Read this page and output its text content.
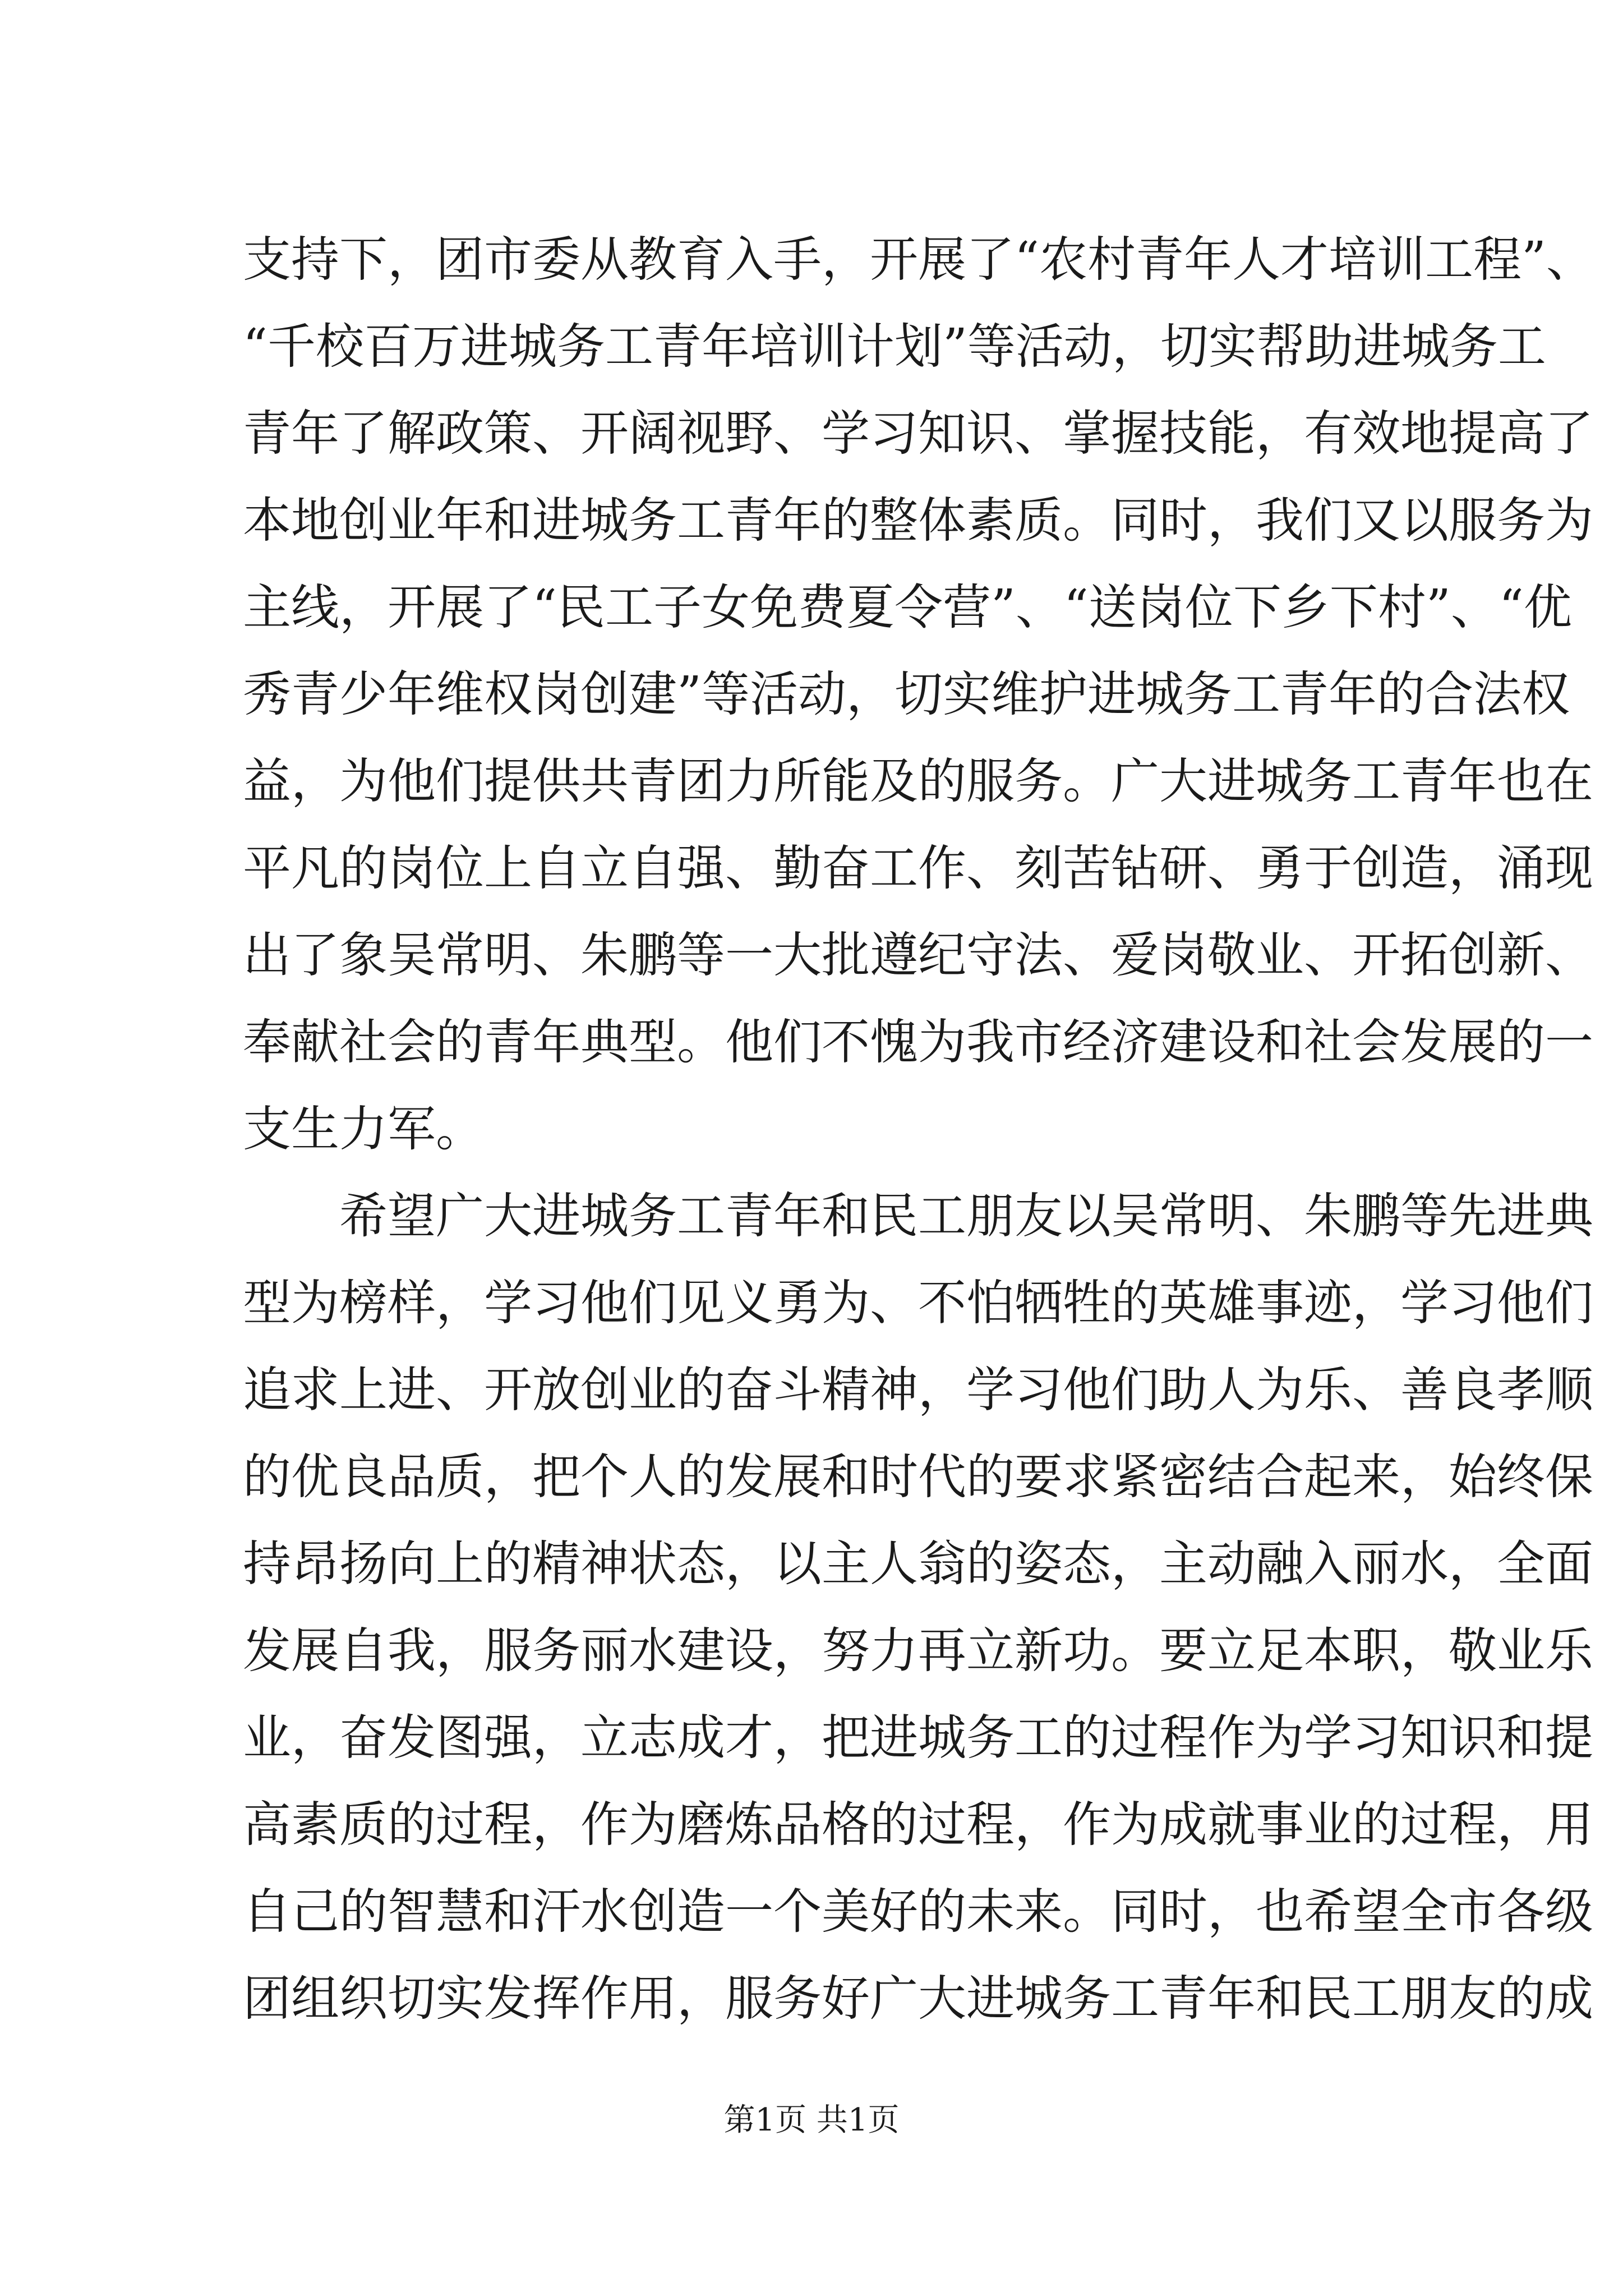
支持下，团市委从教育入手，开展了“农村青年人才培训工程”、
“千校百万进城务工青年培训计划”等活动，切实帮助进城务工
青年了解政策、开阔视野、学习知识、掌握技能，有效地提高了
本地创业年和进城务工青年的整体素质。同时，我们又以服务为
主线，开展了“民工子女免费夏令营”、“送岗位下乡下村”、“优
秀青少年维权岗创建”等活动，切实维护进城务工青年的合法权
益，为他们提供共青团力所能及的服务。广大进城务工青年也在
平凡的岗位上自立自强、勤奋工作、刻苦钻研、勇于创造，涌现
出了象吴常明、朱鹏等一大批遵纪守法、爱岗敬业、开拓创新、
奉献社会的青年典型。他们不愧为我市经济建设和社会发展的一
支生力军。
希望广大进城务工青年和民工朋友以吴常明、朱鹏等先进典
型为榜样，学习他们见义勇为、不怕牺牲的英雄事迹，学习他们
追求上进、开放创业的奋斗精神，学习他们助人为乐、善良孝顺
的优良品质，把个人的发展和时代的要求紧密结合起来，始终保
持昂扬向上的精神状态，以主人翁的姿态，主动融入丽水，全面
发展自我，服务丽水建设，努力再立新功。要立足本职，敬业乐
业，奋发图强，立志成才，把进城务工的过程作为学习知识和提
高素质的过程，作为磨炼品格的过程，作为成就事业的过程，用
自己的智慧和汗水创造一个美好的未来。同时，也希望全市各级
团组织切实发挥作用，服务好广大进城务工青年和民工朋友的成
第1页 共1页
